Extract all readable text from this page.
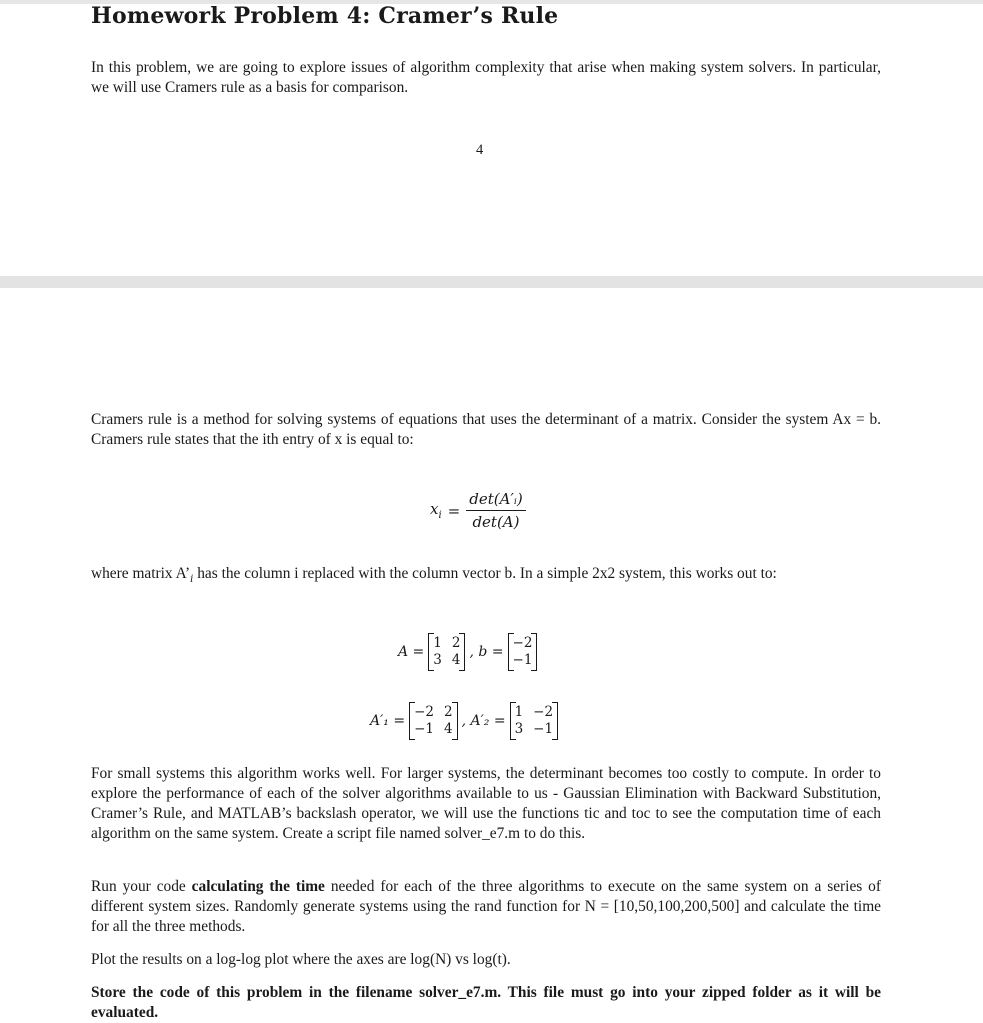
Homework Problem 4: Cramer’s Rule

In this problem, we are going to explore issues of algorithm complexity that arise when making system solvers. In particular, we will use Cramers rule as a basis for comparison.

4

Cramers rule is a method for solving systems of equations that uses the determinant of a matrix. Consider the system Ax = b. Cramers rule states that the ith entry of x is equal to:

$x_i = \frac{\text{det(A′ᵢ)}}{\det(A)}$

where matrix $A’_i$ has the column i replaced with the column vector b. In a simple 2x2 system, this works out to:

A =
1 2
3 4 , b =
−2
−1
A′₁ =
−2 2
−1 4 , A′₂ =
1 −2
3 −1

For small systems this algorithm works well. For larger systems, the determinant becomes too costly to compute. In order to explore the performance of each of the solver algorithms available to us - Gaussian Elimination with Backward Substitution, Cramer’s Rule, and MATLAB’s backslash operator, we will use the functions tic and toc to see the computation time of each algorithm on the same system. Create a script file named solver_e7.m to do this.

Run your code calculating the time needed for each of the three algorithms to execute on the same system on a series of different system sizes. Randomly generate systems using the rand function for N = [10,50,100,200,500] and calculate the time for all the three methods.

Plot the results on a log-log plot where the axes are log(N) vs log(t).

Store the code of this problem in the filename solver_e7.m. This file must go into your zipped folder as it will be evaluated.
